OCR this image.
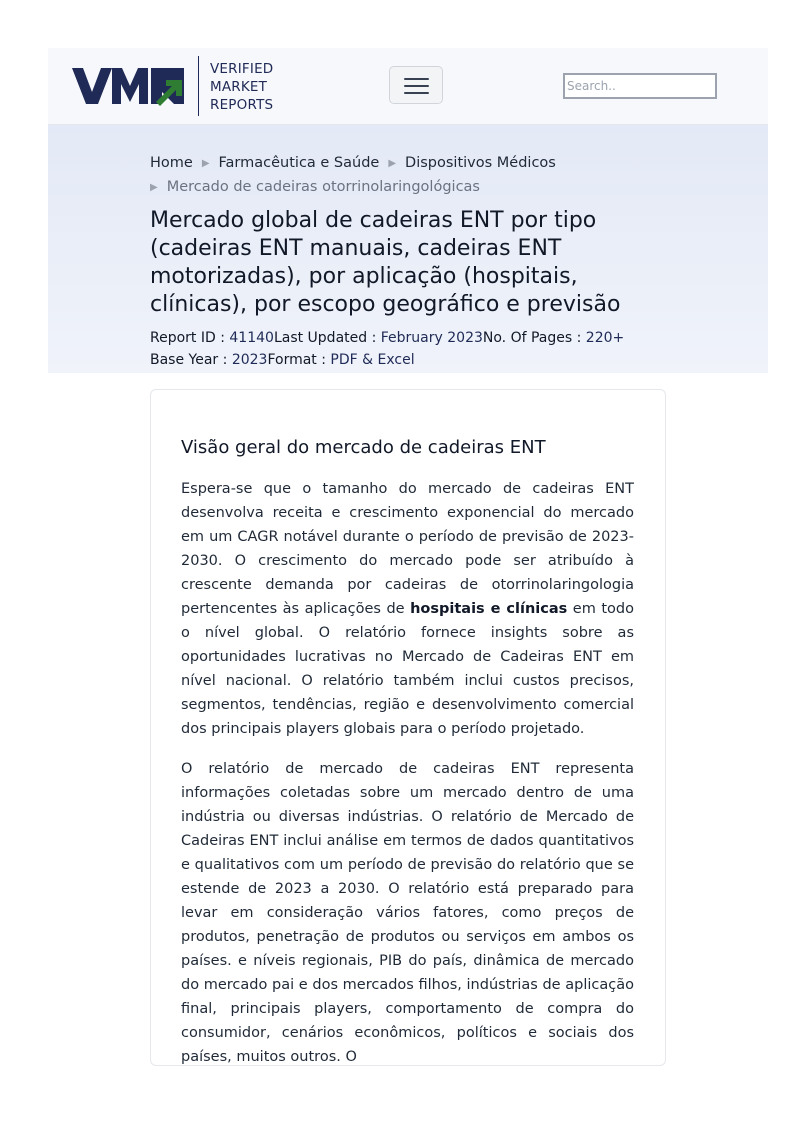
VERIFIED
MARKET
REPORTS
Search..
Home ▶ Farmacêutica e Saúde ▶ Dispositivos Médicos
▶ Mercado de cadeiras otorrinolaringológicas
Mercado global de cadeiras ENT por tipo (cadeiras ENT manuais, cadeiras ENT motorizadas), por aplicação (hospitais, clínicas), por escopo geográfico e previsão
Report ID : 41140Last Updated : February 2023No. Of Pages : 220+
Base Year : 2023Format : PDF & Excel
Visão geral do mercado de cadeiras ENT

Espera-se que o tamanho do mercado de cadeiras ENT desenvolva receita e crescimento exponencial do mercado em um CAGR notável durante o período de previsão de 2023-2030. O crescimento do mercado pode ser atribuído à crescente demanda por cadeiras de otorrinolaringologia pertencentes às aplicações de hospitais e clínicas em todo o nível global. O relatório fornece insights sobre as oportunidades lucrativas no Mercado de Cadeiras ENT em nível nacional. O relatório também inclui custos precisos, segmentos, tendências, região e desenvolvimento comercial dos principais players globais para o período projetado.

O relatório de mercado de cadeiras ENT representa informações coletadas sobre um mercado dentro de uma indústria ou diversas indústrias. O relatório de Mercado de Cadeiras ENT inclui análise em termos de dados quantitativos e qualitativos com um período de previsão do relatório que se estende de 2023 a 2030. O relatório está preparado para levar em consideração vários fatores, como preços de produtos, penetração de produtos ou serviços em ambos os países. e níveis regionais, PIB do país, dinâmica de mercado do mercado pai e dos mercados filhos, indústrias de aplicação final, principais players, comportamento de compra do consumidor, cenários econômicos, políticos e sociais dos países, muitos outros. O
